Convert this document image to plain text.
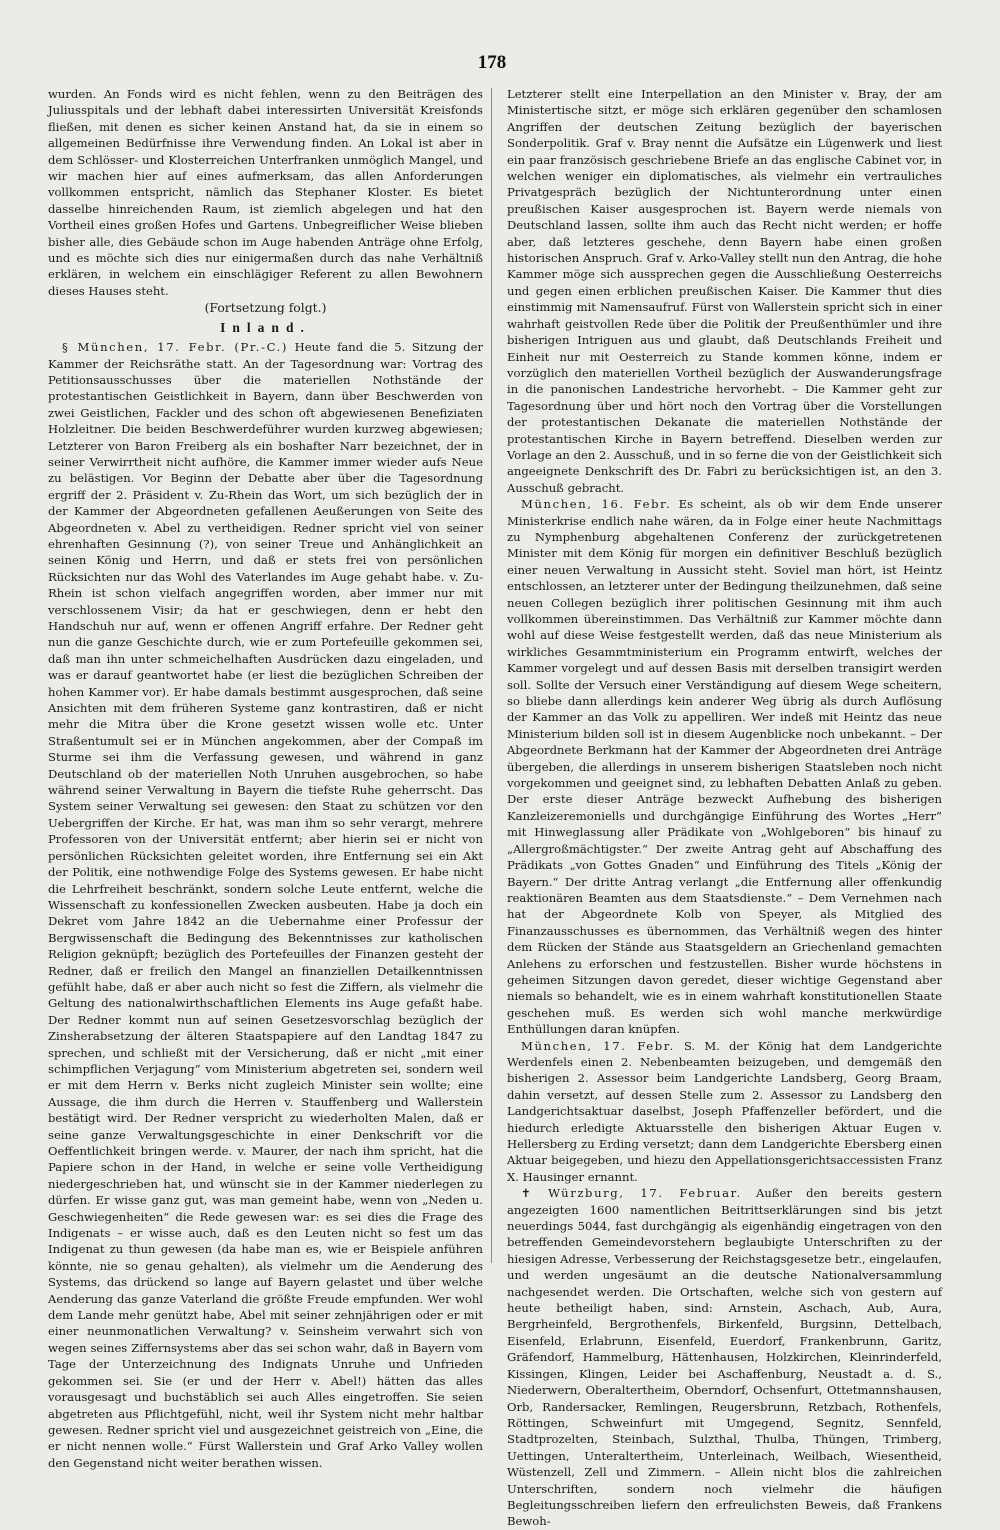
178

wurden. An Fonds wird es nicht fehlen, wenn zu den Beiträgen des Juliusspitals und der lebhaft dabei interessirten Universität Kreisfonds fließen, mit denen es sicher keinen Anstand hat, da sie in einem so allgemeinen Bedürfnisse ihre Verwendung finden. An Lokal ist aber in dem Schlösser- und Klosterreichen Unterfranken unmöglich Mangel, und wir machen hier auf eines aufmerksam, das allen Anforderungen vollkommen entspricht, nämlich das Stephaner Kloster. Es bietet dasselbe hinreichenden Raum, ist ziemlich abgelegen und hat den Vortheil eines großen Hofes und Gartens. Unbegreiflicher Weise blieben bisher alle, dies Gebäude schon im Auge habenden Anträge ohne Erfolg, und es möchte sich dies nur einigermaßen durch das nahe Verhältniß erklären, in welchem ein einschlägiger Referent zu allen Bewohnern dieses Hauses steht.

(Fortsetzung folgt.)
Inland.

§ München, 17. Febr. (Pr.-C.) Heute fand die 5. Sitzung der Kammer der Reichsräthe statt. An der Tagesordnung war: Vortrag des Petitionsausschusses über die materiellen Nothstände der protestantischen Geistlichkeit in Bayern, dann über Beschwerden von zwei Geistlichen, Fackler und des schon oft abgewiesenen Benefiziaten Holzleitner. Die beiden Beschwerdeführer wurden kurzweg abgewiesen; Letzterer von Baron Freiberg als ein boshafter Narr bezeichnet, der in seiner Verwirrtheit nicht aufhöre, die Kammer immer wieder aufs Neue zu belästigen. Vor Beginn der Debatte aber über die Tagesordnung ergriff der 2. Präsident v. Zu-Rhein das Wort, um sich bezüglich der in der Kammer der Abgeordneten gefallenen Aeußerungen von Seite des Abgeordneten v. Abel zu vertheidigen. Redner spricht viel von seiner ehrenhaften Gesinnung (?), von seiner Treue und Anhänglichkeit an seinen König und Herrn, und daß er stets frei von persönlichen Rücksichten nur das Wohl des Vaterlandes im Auge gehabt habe. v. Zu-Rhein ist schon vielfach angegriffen worden, aber immer nur mit verschlossenem Visir; da hat er geschwiegen, denn er hebt den Handschuh nur auf, wenn er offenen Angriff erfahre. Der Redner geht nun die ganze Geschichte durch, wie er zum Portefeuille gekommen sei, daß man ihn unter schmeichelhaften Ausdrücken dazu eingeladen, und was er darauf geantwortet habe (er liest die bezüglichen Schreiben der hohen Kammer vor). Er habe damals bestimmt ausgesprochen, daß seine Ansichten mit dem früheren Systeme ganz kontrastiren, daß er nicht mehr die Mitra über die Krone gesetzt wissen wolle etc. Unter Straßentumult sei er in München angekommen, aber der Compaß im Sturme sei ihm die Verfassung gewesen, und während in ganz Deutschland ob der materiellen Noth Unruhen ausgebrochen, so habe während seiner Verwaltung in Bayern die tiefste Ruhe geherrscht. Das System seiner Verwaltung sei gewesen: den Staat zu schützen vor den Uebergriffen der Kirche. Er hat, was man ihm so sehr verargt, mehrere Professoren von der Universität entfernt; aber hierin sei er nicht von persönlichen Rücksichten geleitet worden, ihre Entfernung sei ein Akt der Politik, eine nothwendige Folge des Systems gewesen. Er habe nicht die Lehrfreiheit beschränkt, sondern solche Leute entfernt, welche die Wissenschaft zu konfessionellen Zwecken ausbeuten. Habe ja doch ein Dekret vom Jahre 1842 an die Uebernahme einer Professur der Bergwissenschaft die Bedingung des Bekenntnisses zur katholischen Religion geknüpft; bezüglich des Portefeuilles der Finanzen gesteht der Redner, daß er freilich den Mangel an finanziellen Detailkenntnissen gefühlt habe, daß er aber auch nicht so fest die Ziffern, als vielmehr die Geltung des nationalwirthschaftlichen Elements ins Auge gefaßt habe. Der Redner kommt nun auf seinen Gesetzesvorschlag bezüglich der Zinsherabsetzung der älteren Staatspapiere auf den Landtag 1847 zu sprechen, und schließt mit der Versicherung, daß er nicht „mit einer schimpflichen Verjagung“ vom Ministerium abgetreten sei, sondern weil er mit dem Herrn v. Berks nicht zugleich Minister sein wollte; eine Aussage, die ihm durch die Herren v. Stauffenberg und Wallerstein bestätigt wird. Der Redner verspricht zu wiederholten Malen, daß er seine ganze Verwaltungsgeschichte in einer Denkschrift vor die Oeffentlichkeit bringen werde. v. Maurer, der nach ihm spricht, hat die Papiere schon in der Hand, in welche er seine volle Vertheidigung niedergeschrieben hat, und wünscht sie in der Kammer niederlegen zu dürfen. Er wisse ganz gut, was man gemeint habe, wenn von „Neden u. Geschwiegenheiten“ die Rede gewesen war: es sei dies die Frage des Indigenats – er wisse auch, daß es den Leuten nicht so fest um das Indigenat zu thun gewesen (da habe man es, wie er Beispiele anführen könnte, nie so genau gehalten), als vielmehr um die Aenderung des Systems, das drückend so lange auf Bayern gelastet und über welche Aenderung das ganze Vaterland die größte Freude empfunden. Wer wohl dem Lande mehr genützt habe, Abel mit seiner zehnjährigen oder er mit einer neunmonatlichen Verwaltung? v. Seinsheim verwahrt sich von wegen seines Ziffernsystems aber das sei schon wahr, daß in Bayern vom Tage der Unterzeichnung des Indignats Unruhe und Unfrieden gekommen sei. Sie (er und der Herr v. Abel!) hätten das alles vorausgesagt und buchstäblich sei auch Alles eingetroffen. Sie seien abgetreten aus Pflichtgefühl, nicht, weil ihr System nicht mehr haltbar gewesen. Redner spricht viel und ausgezeichnet geistreich von „Eine, die er nicht nennen wolle.“ Fürst Wallerstein und Graf Arko Valley wollen den Gegenstand nicht weiter berathen wissen.

Letzterer stellt eine Interpellation an den Minister v. Bray, der am Ministertische sitzt, er möge sich erklären gegenüber den schamlosen Angriffen der deutschen Zeitung bezüglich der bayerischen Sonderpolitik. Graf v. Bray nennt die Aufsätze ein Lügenwerk und liest ein paar französisch geschriebene Briefe an das englische Cabinet vor, in welchen weniger ein diplomatisches, als vielmehr ein vertrauliches Privatgespräch bezüglich der Nichtunterordnung unter einen preußischen Kaiser ausgesprochen ist. Bayern werde niemals von Deutschland lassen, sollte ihm auch das Recht nicht werden; er hoffe aber, daß letzteres geschehe, denn Bayern habe einen großen historischen Anspruch. Graf v. Arko-Valley stellt nun den Antrag, die hohe Kammer möge sich aussprechen gegen die Ausschließung Oesterreichs und gegen einen erblichen preußischen Kaiser. Die Kammer thut dies einstimmig mit Namensaufruf. Fürst von Wallerstein spricht sich in einer wahrhaft geistvollen Rede über die Politik der Preußenthümler und ihre bisherigen Intriguen aus und glaubt, daß Deutschlands Freiheit und Einheit nur mit Oesterreich zu Stande kommen könne, indem er vorzüglich den materiellen Vortheil bezüglich der Auswanderungsfrage in die panonischen Landestriche hervorhebt. – Die Kammer geht zur Tagesordnung über und hört noch den Vortrag über die Vorstellungen der protestantischen Dekanate die materiellen Nothstände der protestantischen Kirche in Bayern betreffend. Dieselben werden zur Vorlage an den 2. Ausschuß, und in so ferne die von der Geistlichkeit sich angeeignete Denkschrift des Dr. Fabri zu berücksichtigen ist, an den 3. Ausschuß gebracht.

München, 16. Febr. Es scheint, als ob wir dem Ende unserer Ministerkrise endlich nahe wären, da in Folge einer heute Nachmittags zu Nymphenburg abgehaltenen Conferenz der zurückgetretenen Minister mit dem König für morgen ein definitiver Beschluß bezüglich einer neuen Verwaltung in Aussicht steht. Soviel man hört, ist Heintz entschlossen, an letzterer unter der Bedingung theilzunehmen, daß seine neuen Collegen bezüglich ihrer politischen Gesinnung mit ihm auch vollkommen übereinstimmen. Das Verhältniß zur Kammer möchte dann wohl auf diese Weise festgestellt werden, daß das neue Ministerium als wirkliches Gesammtministerium ein Programm entwirft, welches der Kammer vorgelegt und auf dessen Basis mit derselben transigirt werden soll. Sollte der Versuch einer Verständigung auf diesem Wege scheitern, so bliebe dann allerdings kein anderer Weg übrig als durch Auflösung der Kammer an das Volk zu appelliren. Wer indeß mit Heintz das neue Ministerium bilden soll ist in diesem Augenblicke noch unbekannt. – Der Abgeordnete Berkmann hat der Kammer der Abgeordneten drei Anträge übergeben, die allerdings in unserem bisherigen Staatsleben noch nicht vorgekommen und geeignet sind, zu lebhaften Debatten Anlaß zu geben. Der erste dieser Anträge bezweckt Aufhebung des bisherigen Kanzleizeremoniells und durchgängige Einführung des Wortes „Herr“ mit Hinweglassung aller Prädikate von „Wohlgeboren“ bis hinauf zu „Allergroßmächtigster.“ Der zweite Antrag geht auf Abschaffung des Prädikats „von Gottes Gnaden“ und Einführung des Titels „König der Bayern.“ Der dritte Antrag verlangt „die Entfernung aller offenkundig reaktionären Beamten aus dem Staatsdienste.“ – Dem Vernehmen nach hat der Abgeordnete Kolb von Speyer, als Mitglied des Finanzausschusses es übernommen, das Verhältniß wegen des hinter dem Rücken der Stände aus Staatsgeldern an Griechenland gemachten Anlehens zu erforschen und festzustellen. Bisher wurde höchstens in geheimen Sitzungen davon geredet, dieser wichtige Gegenstand aber niemals so behandelt, wie es in einem wahrhaft konstitutionellen Staate geschehen muß. Es werden sich wohl manche merkwürdige Enthüllungen daran knüpfen.

München, 17. Febr. S. M. der König hat dem Landgerichte Werdenfels einen 2. Nebenbeamten beizugeben, und demgemäß den bisherigen 2. Assessor beim Landgerichte Landsberg, Georg Braam, dahin versetzt, auf dessen Stelle zum 2. Assessor zu Landsberg den Landgerichtsaktuar daselbst, Joseph Pfaffenzeller befördert, und die hiedurch erledigte Aktuarsstelle den bisherigen Aktuar Eugen v. Hellersberg zu Erding versetzt; dann dem Landgerichte Ebersberg einen Aktuar beigegeben, und hiezu den Appellationsgerichtsaccessisten Franz X. Hausinger ernannt.

✝ Würzburg, 17. Februar. Außer den bereits gestern angezeigten 1600 namentlichen Beitrittserklärungen sind bis jetzt neuerdings 5044, fast durchgängig als eigenhändig eingetragen von den betreffenden Gemeindevorstehern beglaubigte Unterschriften zu der hiesigen Adresse, Verbesserung der Reichstagsgesetze betr., eingelaufen, und werden ungesäumt an die deutsche Nationalversammlung nachgesendet werden. Die Ortschaften, welche sich von gestern auf heute betheiligt haben, sind: Arnstein, Aschach, Aub, Aura, Bergrheinfeld, Bergrothenfels, Birkenfeld, Burgsinn, Dettelbach, Eisenfeld, Erlabrunn, Eisenfeld, Euerdorf, Frankenbrunn, Garitz, Gräfendorf, Hammelburg, Hättenhausen, Holzkirchen, Kleinrinderfeld, Kissingen, Klingen, Leider bei Aschaffenburg, Neustadt a. d. S., Niederwern, Oberaltertheim, Oberndorf, Ochsenfurt, Ottetmannshausen, Orb, Randersacker, Remlingen, Reugersbrunn, Retzbach, Rothenfels, Röttingen, Schweinfurt mit Umgegend, Segnitz, Sennfeld, Stadtprozelten, Steinbach, Sulzthal, Thulba, Thüngen, Trimberg, Uettingen, Unteraltertheim, Unterleinach, Weilbach, Wiesentheid, Wüstenzell, Zell und Zimmern. – Allein nicht blos die zahlreichen Unterschriften, sondern noch vielmehr die häufigen Begleitungsschreiben liefern den erfreulichsten Beweis, daß Frankens Bewoh-
